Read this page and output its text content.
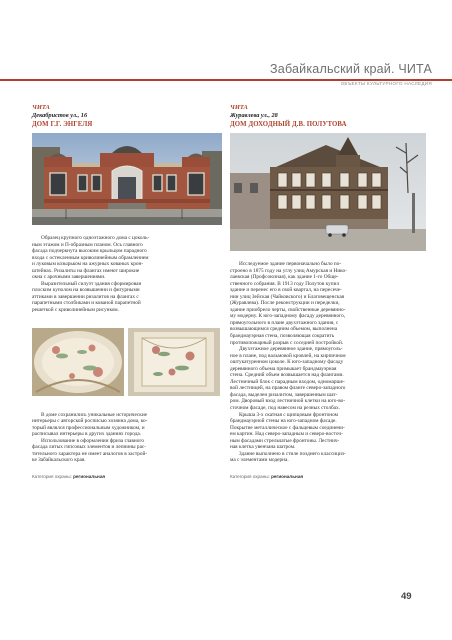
Забайкальский край. ЧИТА
ОБЪЕКТЫ КУЛЬТУРНОГО НАСЛЕДИЯ
ЧИТА
Декабристов ул., 16
ДОМ Г.Г. ЭНГЕЛЯ

Образец крупного одноэтажного дома с цоколь-
ным этажом и П-образным планом. Ось главного
фасада подчеркнута высоким крыльцом парадного
входа с остекленным криволинейным обрамлением
и луковым козырьком на ажурных кованых крон-
штейнах. Ризалиты на флангах имеют широкие
окна с арочными завершениями.

Выразительный силуэт здания сформирован
плоским куполом на возвышении и фигурными
аттиками в завершении ризалитов на флангах с
парапетными столбиками и кованой парапетной
решеткой с криволинейным рисунком.

В доме сохранились уникальные исторические
интерьеры с авторской росписью хозяина дома, ко-
торый являлся профессиональным художником, и
расписывал интерьеры в других зданиях города.

Использование в оформлении фриза главного
фасада литых гипсовых элементов и лепнины рас-
тительного характера не имеет аналогов в застрой-
ке Забайкальского края.

Категория охраны: региональная
ЧИТА
Журавлева ул., 28
ДОМ ДОХОДНЫЙ Д.В. ПОЛУТОВА

Исследуемое здание первоначально было по-
строено в 1875 году на углу улиц Амурская и Нико-
лаевская (Профсоюзная), как здание 1-го Обще-
ственного собрания. В 1913 году Полутов купил
здание и перенес его в свой квартал, на пересече-
нии улиц Зейская (Чайковского) и Благовещенская
(Журавлева). После реконструкции и переделки,
здание приобрело черты, свойственные деревянно-
му модерну. К юго-западному фасаду деревянного,
прямоугольного в плане двухэтажного здания, с
возвышающимся средним объемом, выполнена
брандмауэрная стена, позволяющая сократить
противопожарный разрыв с соседней постройкой.

Двухэтажное деревянное здание, прямоуголь-
ное в плане, под вальмовой кровлей, на кирпичном
оштукатуренном цоколе. К юго-западному фасаду
деревянного объема примыкает брандмауэрная
стена. Средний объем возвышается над флангами.
Лестничный блок с парадным входом, одномарше-
вой лестницей, на правом фланге северо-западного
фасада, выделен ризалитом, завершенным шат-
ром. Дворовый вход лестничной клетки на юго-во-
сточном фасаде, под навесом на резных столбах.

Крыша 3-х скатная с щипцовым фронтоном
брандмауэрной стены на юго-западном фасаде.
Покрытие металлическое с фальцевым соединени-
ем картин. Над северо-западным и северо-восточ-
ным фасадами стрельчатые фронтоны. Лестнич-
ная клетка увенчана шатром.

Здание выполнено в стиле позднего классициз-
ма с элементами модерна.

Категория охраны: региональная
49
